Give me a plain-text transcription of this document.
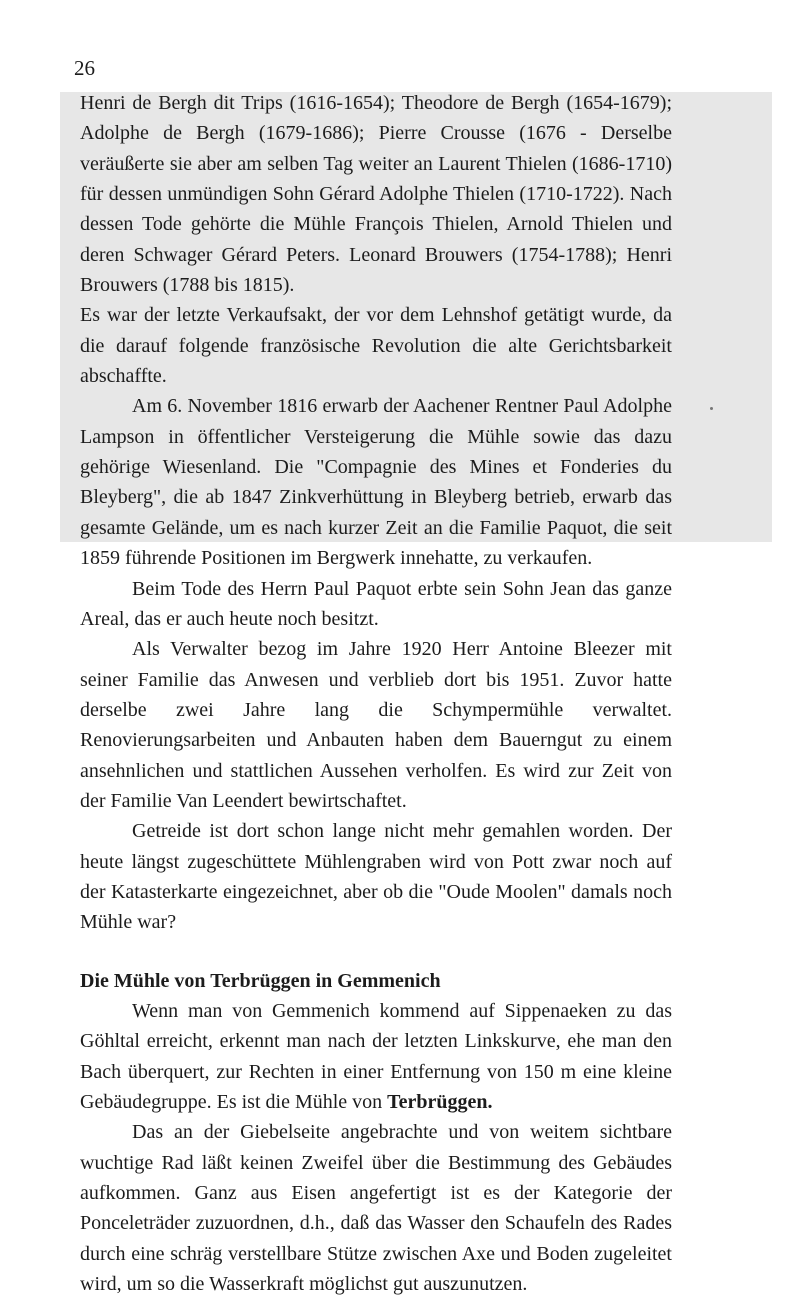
26

Henri de Bergh dit Trips (1616-1654); Theodore de Bergh (1654-1679); Adolphe de Bergh (1679-1686); Pierre Crousse (1676 - Derselbe veräußerte sie aber am selben Tag weiter an Laurent Thielen (1686-1710) für dessen unmündigen Sohn Gérard Adolphe Thielen (1710-1722). Nach dessen Tode gehörte die Mühle François Thielen, Arnold Thielen und deren Schwager Gérard Peters. Leonard Brouwers (1754-1788); Henri Brouwers (1788 bis 1815).

Es war der letzte Verkaufsakt, der vor dem Lehnshof getätigt wurde, da die darauf folgende französische Revolution die alte Gerichtsbarkeit abschaffte.

Am 6. November 1816 erwarb der Aachener Rentner Paul Adolphe Lampson in öffentlicher Versteigerung die Mühle sowie das dazu gehörige Wiesenland. Die "Compagnie des Mines et Fonderies du Bleyberg", die ab 1847 Zinkverhüttung in Bleyberg betrieb, erwarb das gesamte Gelände, um es nach kurzer Zeit an die Familie Paquot, die seit 1859 führende Positionen im Bergwerk innehatte, zu verkaufen.

Beim Tode des Herrn Paul Paquot erbte sein Sohn Jean das ganze Areal, das er auch heute noch besitzt.

Als Verwalter bezog im Jahre 1920 Herr Antoine Bleezer mit seiner Familie das Anwesen und verblieb dort bis 1951. Zuvor hatte derselbe zwei Jahre lang die Schympermühle verwaltet. Renovierungsarbeiten und Anbauten haben dem Bauerngut zu einem ansehnlichen und stattlichen Aussehen verholfen. Es wird zur Zeit von der Familie Van Leendert bewirtschaftet.

Getreide ist dort schon lange nicht mehr gemahlen worden. Der heute längst zugeschüttete Mühlengraben wird von Pott zwar noch auf der Katasterkarte eingezeichnet, aber ob die "Oude Moolen" damals noch Mühle war?

Die Mühle von Terbrüggen in Gemmenich

Wenn man von Gemmenich kommend auf Sippenaeken zu das Göhltal erreicht, erkennt man nach der letzten Linkskurve, ehe man den Bach überquert, zur Rechten in einer Entfernung von 150 m eine kleine Gebäudegruppe. Es ist die Mühle von Terbrüggen.

Das an der Giebelseite angebrachte und von weitem sichtbare wuchtige Rad läßt keinen Zweifel über die Bestimmung des Gebäudes aufkommen. Ganz aus Eisen angefertigt ist es der Kategorie der Ponceleträder zuzuordnen, d.h., daß das Wasser den Schaufeln des Rades durch eine schräg verstellbare Stütze zwischen Axe und Boden zugeleitet wird, um so die Wasserkraft möglichst gut auszunutzen.
